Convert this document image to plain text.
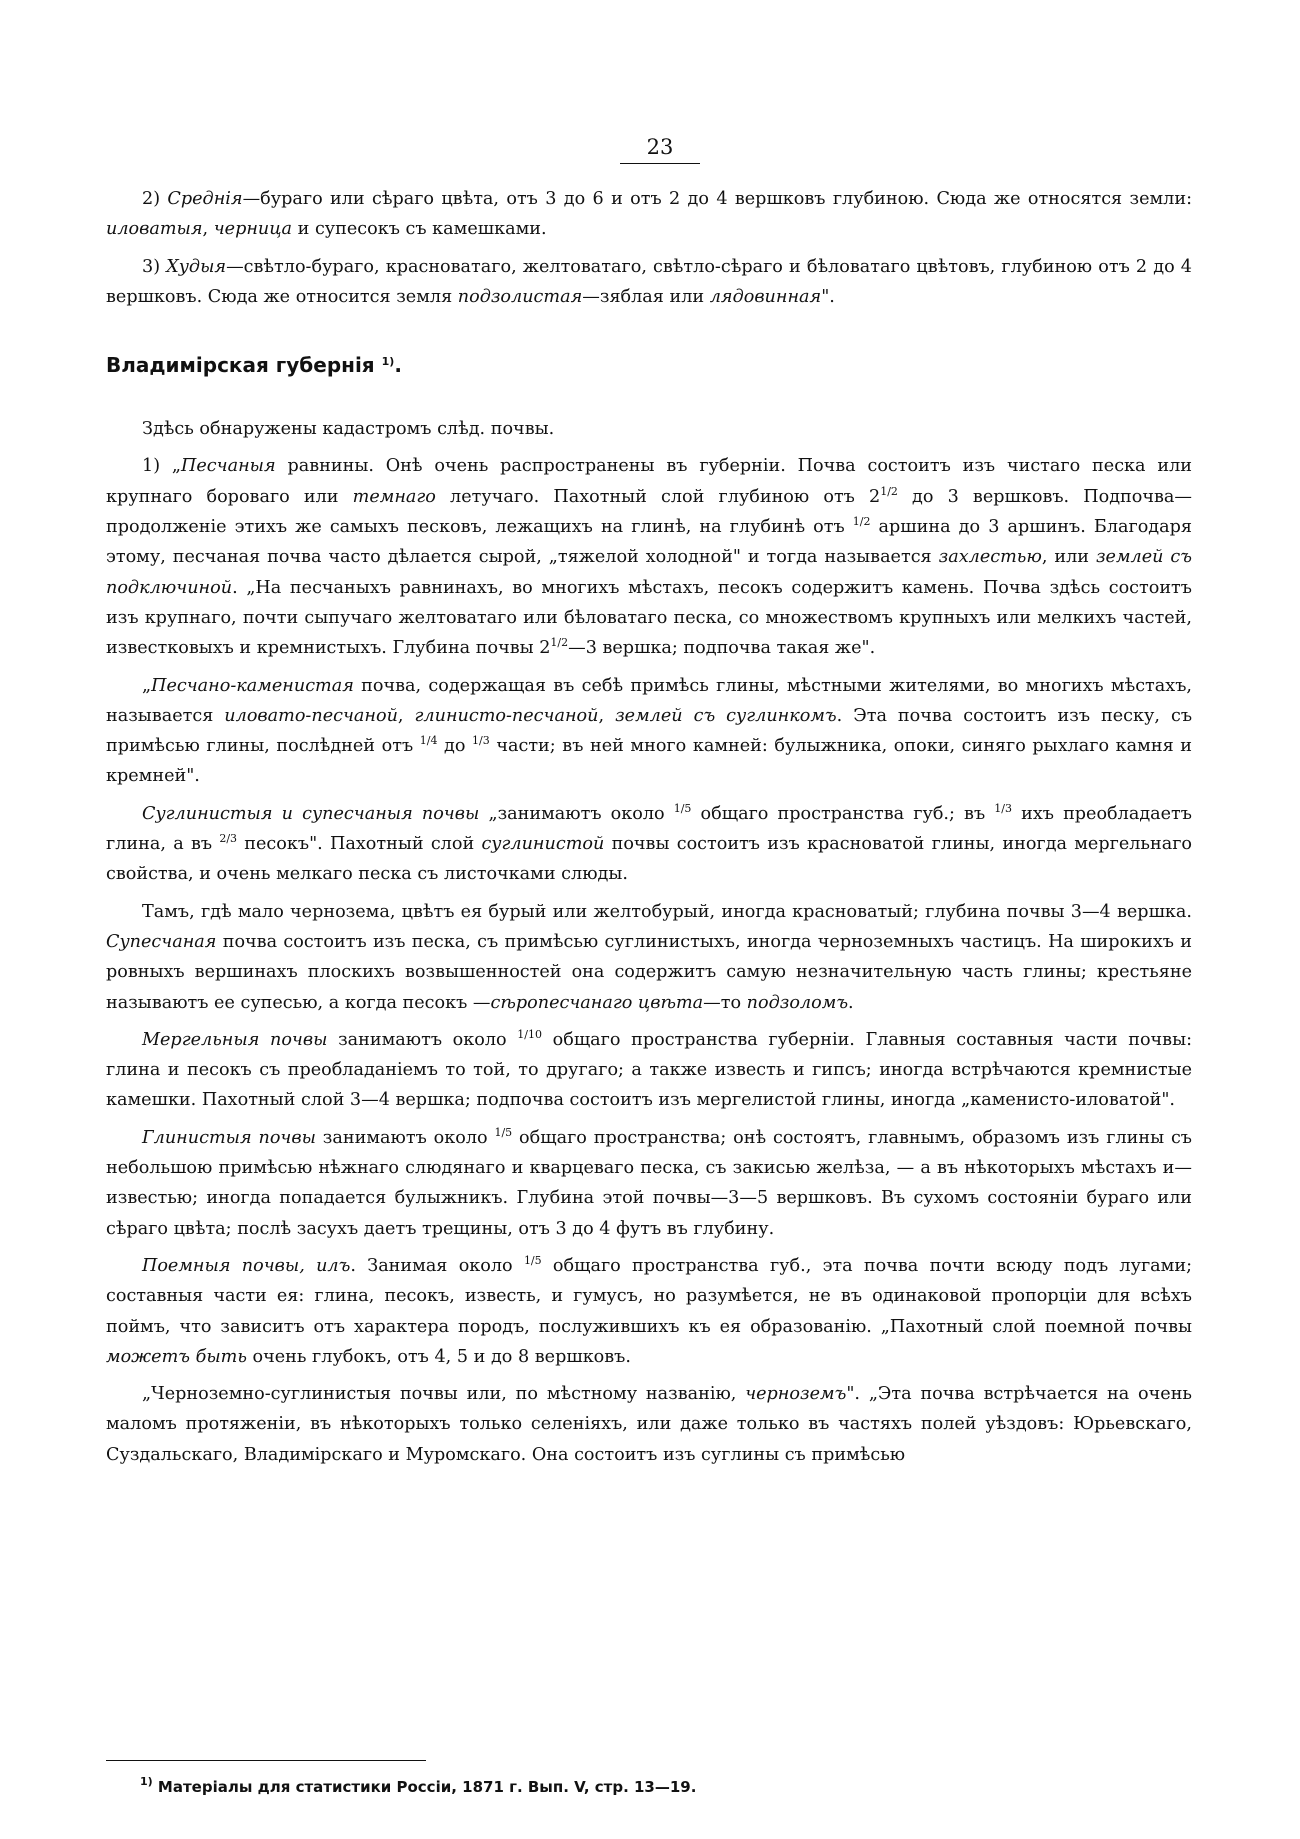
23

2) Среднія—бураго или сѣраго цвѣта, отъ 3 до 6 и отъ 2 до 4 вершковъ глубиною. Сюда же относятся земли: иловатыя, черница и супесокъ съ камешками.

3) Худыя—свѣтло-бураго, красноватаго, желтоватаго, свѣтло-сѣраго и бѣловатаго цвѣтовъ, глубиною отъ 2 до 4 вершковъ. Сюда же относится земля подзолистая—зяблая или лядовинная".

Владимірская губернія $^{1)}$.

Здѣсь обнаружены кадастромъ слѣд. почвы.

1) „Песчаныя равнины. Онѣ очень распространены въ губерніи. Почва состоитъ изъ чистаго песка или крупнаго бороваго или темнаго летучаго. Пахотный слой глубиною отъ $2^{1/2}$ до 3 вершковъ. Подпочва—продолженіе этихъ же самыхъ песковъ, лежащихъ на глинѣ, на глубинѣ отъ $^{1/2}$ аршина до 3 аршинъ. Благодаря этому, песчаная почва часто дѣлается сырой, „тяжелой холодной" и тогда называется захлестью, или землей съ подключиной. „На песчаныхъ равнинахъ, во многихъ мѣстахъ, песокъ содержитъ камень. Почва здѣсь состоитъ изъ крупнаго, почти сыпучаго желтоватаго или бѣловатаго песка, со множествомъ крупныхъ или мелкихъ частей, известковыхъ и кремнистыхъ. Глубина почвы $2^{1/2}—3$ вершка; подпочва такая же".

„Песчано-каменистая почва, содержащая въ себѣ примѣсь глины, мѣстными жителями, во многихъ мѣстахъ, называется иловато-песчаной, глинисто-песчаной, землей съ суглинкомъ. Эта почва состоитъ изъ песку, съ примѣсью глины, послѣдней отъ $^{1/4}$ до $^{1/3}$ части; въ ней много камней: булыжника, опоки, синяго рыхлаго камня и кремней".

Суглинистыя и супесчаныя почвы „занимаютъ около $^{1/5}$ общаго пространства губ.; въ $^{1/3}$ ихъ преобладаетъ глина, а въ $^{2/3}$ песокъ". Пахотный слой суглинистой почвы состоитъ изъ красноватой глины, иногда мергельнаго свойства, и очень мелкаго песка съ листочками слюды.

Тамъ, гдѣ мало чернозема, цвѣтъ ея бурый или желтобурый, иногда красноватый; глубина почвы 3—4 вершка. Супесчаная почва состоитъ изъ песка, съ примѣсью суглинистыхъ, иногда черноземныхъ частицъ. На широкихъ и ровныхъ вершинахъ плоскихъ возвышенностей она содержитъ самую незначительную часть глины; крестьяне называютъ ее супесью, а когда песокъ —сѣропесчанаго цвѣта—то подзоломъ.

Мергельныя почвы занимаютъ около $^{1/10}$ общаго пространства губерніи. Главныя составныя части почвы: глина и песокъ съ преобладаніемъ то той, то другаго; а также известь и гипсъ; иногда встрѣчаются кремнистые камешки. Пахотный слой 3—4 вершка; подпочва состоитъ изъ мергелистой глины, иногда „каменисто-иловатой".

Глинистыя почвы занимаютъ около $^{1/5}$ общаго пространства; онѣ состоятъ, главнымъ, образомъ изъ глины съ небольшою примѣсью нѣжнаго слюдянаго и кварцеваго песка, съ закисью желѣза, — а въ нѣкоторыхъ мѣстахъ и—известью; иногда попадается булыжникъ. Глубина этой почвы—3—5 вершковъ. Въ сухомъ состояніи бураго или сѣраго цвѣта; послѣ засухъ даетъ трещины, отъ 3 до 4 футъ въ глубину.

Поемныя почвы, илъ. Занимая около $^{1/5}$ общаго пространства губ., эта почва почти всюду подъ лугами; составныя части ея: глина, песокъ, известь, и гумусъ, но разумѣется, не въ одинаковой пропорціи для всѣхъ поймъ, что зависитъ отъ характера породъ, послужившихъ къ ея образованію. „Пахотный слой поемной почвы можетъ быть очень глубокъ, отъ 4, 5 и до 8 вершковъ.

„Черноземно-суглинистыя почвы или, по мѣстному названію, черноземъ". „Эта почва встрѣчается на очень маломъ протяженіи, въ нѣкоторыхъ только селеніяхъ, или даже только въ частяхъ полей уѣздовъ: Юрьевскаго, Суздальскаго, Владимірскаго и Муромскаго. Она состоитъ изъ суглины съ примѣсью

$^{1)}$ Матеріалы для статистики Россіи, 1871 г. Вып. V, стр. 13—19.
